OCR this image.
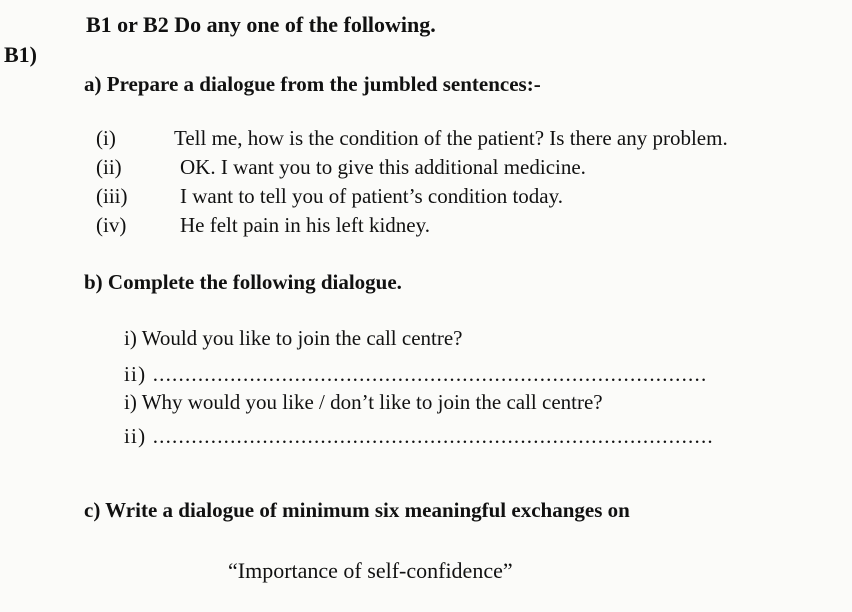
B1 or B2 Do any one of the following.
B1)
a) Prepare a dialogue from the jumbled sentences:-
(i)	Tell me, how is the condition of the patient? Is there any problem.
(ii)	OK. I want you to give this additional medicine.
(iii)	I want to tell you of patient’s condition today.
(iv)	He felt pain in his left kidney.
b) Complete the following dialogue.
i) Would you like to join the call centre?
ii) ......................................................................................
i) Why would you like / don’t like to join the call centre?
ii) .......................................................................................
c) Write a dialogue of minimum six meaningful exchanges on
“Importance of self-confidence”
